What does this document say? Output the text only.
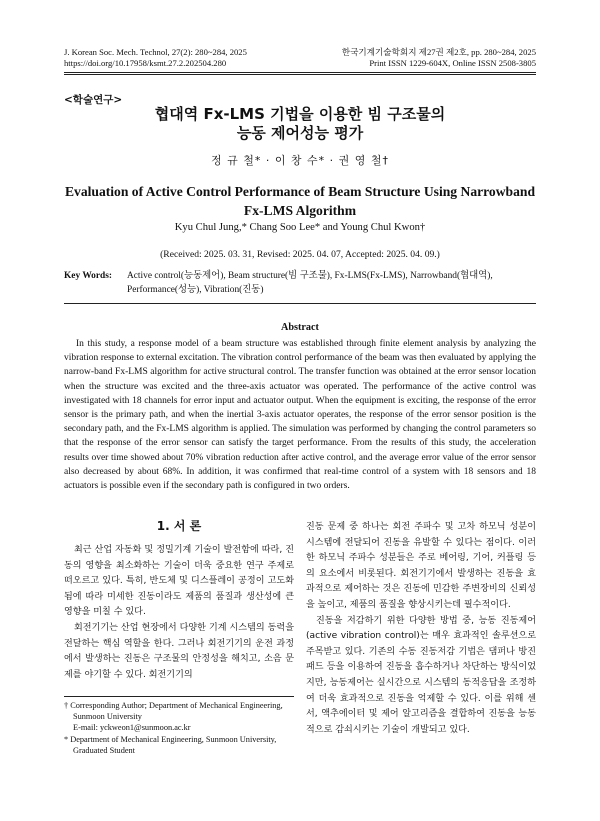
J. Korean Soc. Mech. Technol, 27(2): 280~284, 2025
https://doi.org/10.17958/ksmt.27.2.202504.280
한국기계기술학회지 제27권 제2호, pp. 280~284, 2025
Print ISSN 1229-604X, Online ISSN 2508-3805
<학술연구>
협대역 Fx-LMS 기법을 이용한 빔 구조물의
능동 제어성능 평가
정 규 철* · 이 창 수* · 권 영 철†
Evaluation of Active Control Performance of Beam Structure Using Narrowband
Fx-LMS Algorithm
Kyu Chul Jung,* Chang Soo Lee* and Young Chul Kwon†
(Received: 2025. 03. 31, Revised: 2025. 04. 07, Accepted: 2025. 04. 09.)
Key Words: Active control(능동제어), Beam structure(빔 구조물), Fx-LMS(Fx-LMS), Narrowband(협대역), Performance(성능), Vibration(진동)
Abstract
In this study, a response model of a beam structure was established through finite element analysis by analyzing the vibration response to external excitation. The vibration control performance of the beam was then evaluated by applying the narrow-band Fx-LMS algorithm for active structural control. The transfer function was obtained at the error sensor location when the structure was excited and the three-axis actuator was operated. The performance of the active control was investigated with 18 channels for error input and actuator output. When the equipment is exciting, the response of the error sensor is the primary path, and when the inertial 3-axis actuator operates, the response of the error sensor position is the secondary path, and the Fx-LMS algorithm is applied. The simulation was performed by changing the control parameters so that the response of the error sensor can satisfy the target performance. From the results of this study, the acceleration results over time showed about 70% vibration reduction after active control, and the average error value of the error sensor also decreased by about 68%. In addition, it was confirmed that real-time control of a system with 18 sensors and 18 actuators is possible even if the secondary path is configured in two orders.
1. 서 론

최근 산업 자동화 및 정밀기계 기술이 발전함에 따라, 진동의 영향을 최소화하는 기술이 더욱 중요한 연구 주제로 떠오르고 있다. 특히, 반도체 및 디스플레이 공정이 고도화됨에 따라 미세한 진동이라도 제품의 품질과 생산성에 큰 영향을 미칠 수 있다.

회전기기는 산업 현장에서 다양한 기계 시스템의 동력을 전달하는 핵심 역할을 한다. 그러나 회전기기의 운전 과정에서 발생하는 진동은 구조물의 안정성을 해치고, 소음 문제를 야기할 수 있다. 회전기기의

진동 문제 중 하나는 회전 주파수 및 고차 하모닉 성분이 시스템에 전달되어 진동을 유발할 수 있다는 점이다. 이러한 하모닉 주파수 성분들은 주로 베어링, 기어, 커플링 등의 요소에서 비롯된다. 회전기기에서 발생하는 진동을 효과적으로 제어하는 것은 진동에 민감한 주변장비의 신뢰성을 높이고, 제품의 품질을 향상시키는데 필수적이다.

진동을 저감하기 위한 다양한 방법 중, 능동 진동제어(active vibration control)는 매우 효과적인 솔루션으로 주목받고 있다. 기존의 수동 진동저감 기법은 댐퍼나 방진 패드 등을 이용하여 진동을 흡수하거나 차단하는 방식이었지만, 능동제어는 실시간으로 시스템의 동적응답을 조정하여 더욱 효과적으로 진동을 억제할 수 있다. 이를 위해 센서, 액추에이터 및 제어 알고리즘을 결합하여 진동을 능동적으로 감쇠시키는 기술이 개발되고 있다.

† Corresponding Author; Department of Mechanical Engineering, Sunmoon University
E-mail: yckweon1@sunmoon.ac.kr
* Department of Mechanical Engineering, Sunmoon University, Graduated Student
